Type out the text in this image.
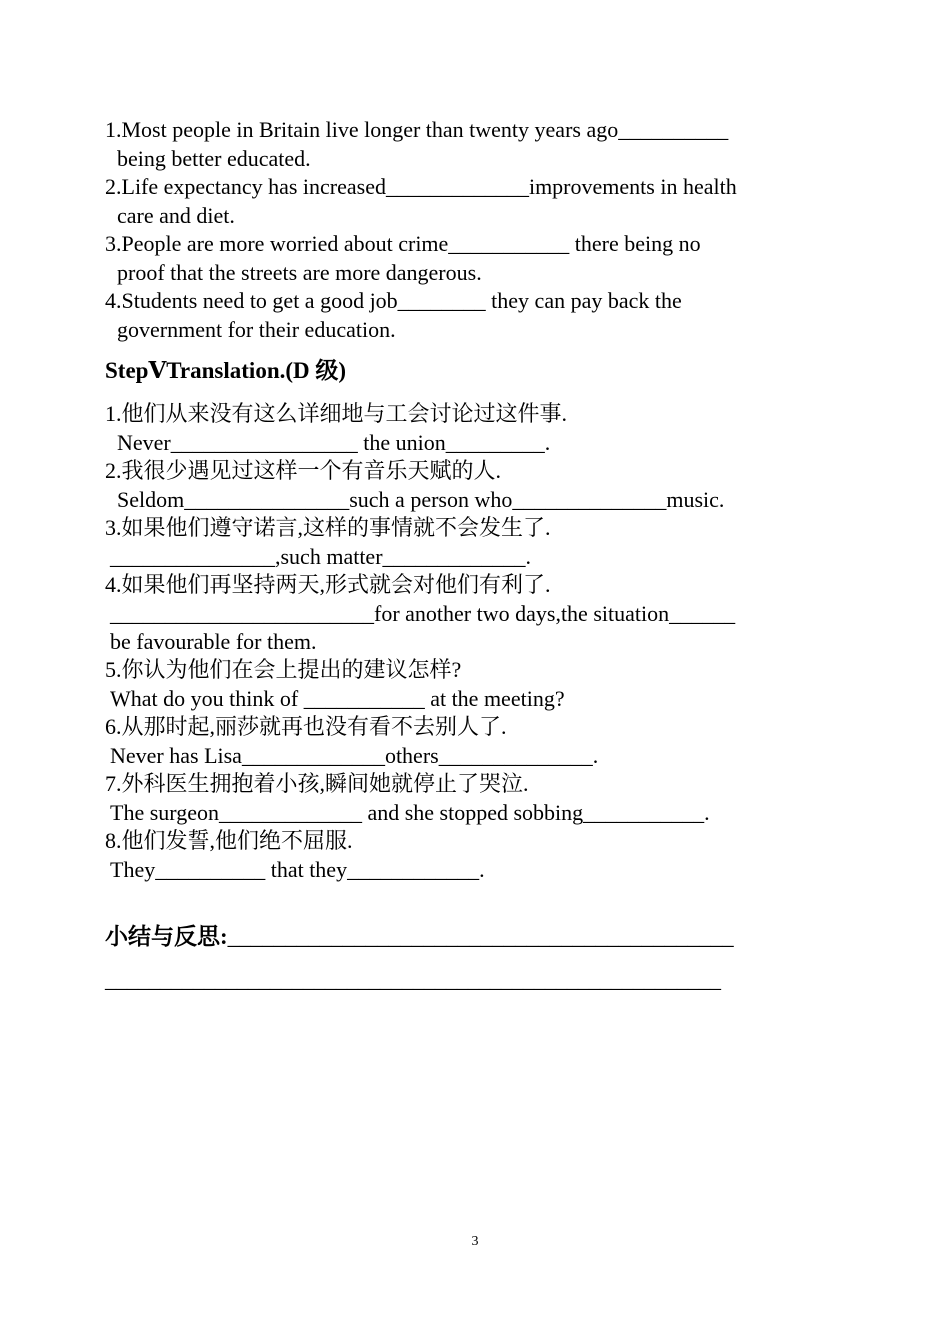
1.Most people in Britain live longer than twenty years ago__________
being better educated.
2.Life expectancy has increased_____________improvements in health
care and diet.
3.People are more worried about crime___________ there being no
proof that the streets are more dangerous.
4.Students need to get a good job________ they can pay back the
government for their education.
StepⅤTranslation.(D 级)
1.他们从来没有这么详细地与工会讨论过这件事.
Never_________________ the union_________.
2.我很少遇见过这样一个有音乐天赋的人.
Seldom_______________such a person who______________music.
3.如果他们遵守诺言,这样的事情就不会发生了.
_______________,such matter_____________.
4.如果他们再坚持两天,形式就会对他们有利了.
________________________for another two days,the situation______
be favourable for them.
5.你认为他们在会上提出的建议怎样?
What do you think of ___________ at the meeting?
6.从那时起,丽莎就再也没有看不去别人了.
Never has Lisa_____________others______________.
7.外科医生拥抱着小孩,瞬间她就停止了哭泣.
The surgeon_____________ and she stopped sobbing___________.
8.他们发誓,他们绝不屈服.
They__________ that they____________.
小结与反思:____________________________________________
________________________________________________________
3
